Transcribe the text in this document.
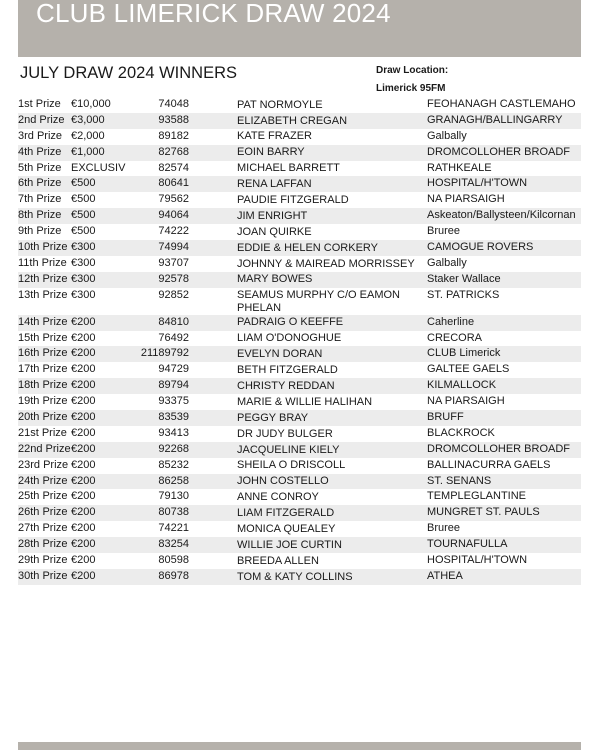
CLUB LIMERICK DRAW 2024
JULY DRAW 2024 WINNERS	Draw Location:
Limerick 95FM
1st Prize €10,000	74048	PAT NORMOYLE	FEOHANAGH CASTLEMAHO
2nd Prize €3,000	93588	ELIZABETH CREGAN	GRANAGH/BALLINGARRY
3rd Prize €2,000	89182	KATE FRAZER	Galbally
4th Prize €1,000	82768	EOIN BARRY	DROMCOLLOHER BROADF
5th Prize EXCLUSIV	82574	MICHAEL BARRETT	RATHKEALE
6th Prize €500	80641	RENA LAFFAN	HOSPITAL/H'TOWN
7th Prize €500	79562	PAUDIE FITZGERALD	NA PIARSAIGH
8th Prize €500	94064	JIM ENRIGHT	Askeaton/Ballysteen/Kilcornan
9th Prize €500	74222	JOAN QUIRKE	Bruree
10th Prize €300	74994	EDDIE & HELEN CORKERY	CAMOGUE ROVERS
11th Prize €300	93707	JOHNNY & MAIREAD MORRISSEY	Galbally
12th Prize €300	92578	MARY BOWES	Staker Wallace
13th Prize €300	92852	SEAMUS MURPHY C/O EAMON PHELAN
ST. PATRICKS
14th Prize €200	84810	PADRAIG O KEEFFE	Caherline
15th Prize €200	76492	LIAM O'DONOGHUE	CRECORA
16th Prize €200	21189792	EVELYN DORAN	CLUB Limerick
17th Prize €200	94729	BETH FITZGERALD	GALTEE GAELS
18th Prize €200	89794	CHRISTY REDDAN	KILMALLOCK
19th Prize €200	93375	MARIE & WILLIE HALIHAN	NA PIARSAIGH
20th Prize €200	83539	PEGGY BRAY	BRUFF
21st Prize €200	93413	DR JUDY BULGER	BLACKROCK
22nd Prize €200	92268	JACQUELINE KIELY	DROMCOLLOHER BROADF
23rd Prize €200	85232	SHEILA O DRISCOLL	BALLINACURRA GAELS
24th Prize €200	86258	JOHN COSTELLO	ST. SENANS
25th Prize €200	79130	ANNE CONROY	TEMPLEGLANTINE
26th Prize €200	80738	LIAM FITZGERALD	MUNGRET ST. PAULS
27th Prize €200	74221	MONICA QUEALEY	Bruree
28th Prize €200	83254	WILLIE JOE CURTIN	TOURNAFULLA
29th Prize €200	80598	BREEDA ALLEN	HOSPITAL/H'TOWN
30th Prize €200	86978	TOM & KATY COLLINS	ATHEA
